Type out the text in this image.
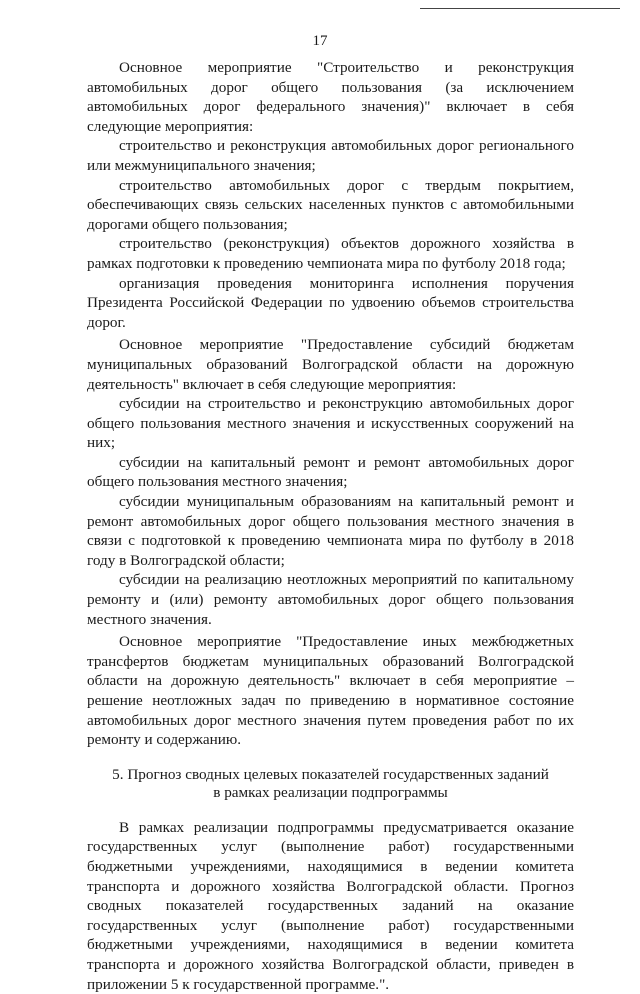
17

Основное мероприятие "Строительство и реконструкция автомобильных дорог общего пользования (за исключением автомобильных дорог федерального значения)" включает в себя следующие мероприятия:

строительство и реконструкция автомобильных дорог регионального или межмуниципального значения;

строительство автомобильных дорог с твердым покрытием, обеспечивающих связь сельских населенных пунктов с автомобильными дорогами общего пользования;

строительство (реконструкция) объектов дорожного хозяйства в рамках подготовки к проведению чемпионата мира по футболу 2018 года;

организация проведения мониторинга исполнения поручения Президента Российской Федерации по удвоению объемов строительства дорог.

Основное мероприятие "Предоставление субсидий бюджетам муниципальных образований Волгоградской области на дорожную деятельность" включает в себя следующие мероприятия:

субсидии на строительство и реконструкцию автомобильных дорог общего пользования местного значения и искусственных сооружений на них;

субсидии на капитальный ремонт и ремонт автомобильных дорог общего пользования местного значения;

субсидии муниципальным образованиям на капитальный ремонт и ремонт автомобильных дорог общего пользования местного значения в связи с подготовкой к проведению чемпионата мира по футболу в 2018 году в Волгоградской области;

субсидии на реализацию неотложных мероприятий по капитальному ремонту и (или) ремонту автомобильных дорог общего пользования местного значения.

Основное мероприятие "Предоставление иных межбюджетных трансфертов бюджетам муниципальных образований Волгоградской области на дорожную деятельность" включает в себя мероприятие – решение неотложных задач по приведению в нормативное состояние автомобильных дорог местного значения путем проведения работ по их ремонту и содержанию.

5. Прогноз сводных целевых показателей государственных заданий
в рамках реализации подпрограммы

В рамках реализации подпрограммы предусматривается оказание государственных услуг (выполнение работ) государственными бюджетными учреждениями, находящимися в ведении комитета транспорта и дорожного хозяйства Волгоградской области. Прогноз сводных показателей государственных заданий на оказание государственных услуг (выполнение работ) государственными бюджетными учреждениями, находящимися в ведении комитета транспорта и дорожного хозяйства Волгоградской области, приведен в приложении 5 к государственной программе.".
